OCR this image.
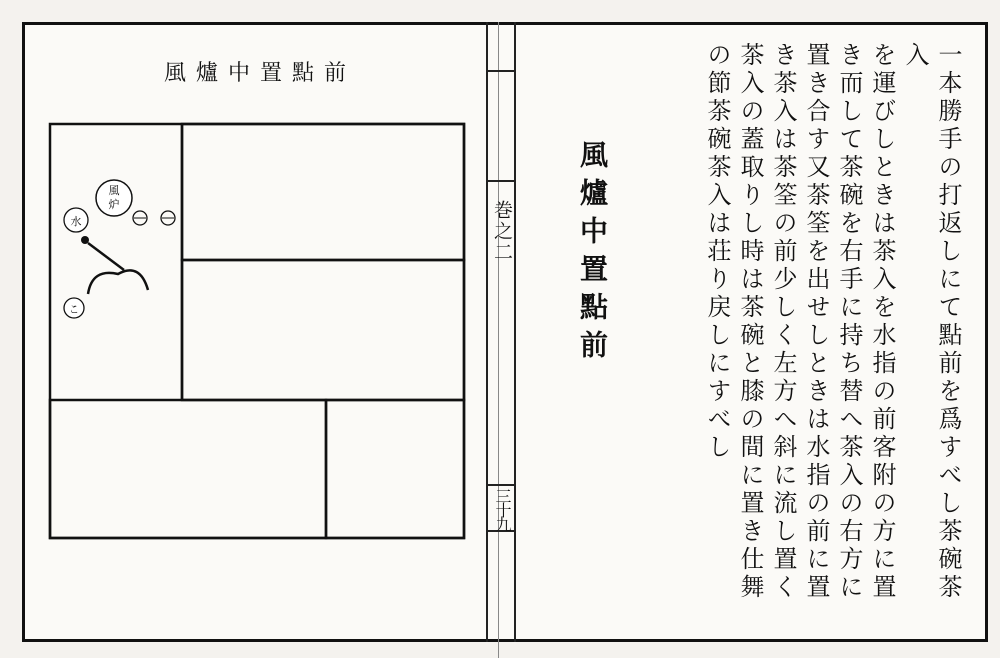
巻之二
三十九
風爐中置點前
風
炉
水
こ	風爐中置點前	一本勝手の打返しにて點前を爲すべし茶碗茶入
を運びしときは茶入を水指の前客附の方に置
き而して茶碗を右手に持ち替へ茶入の右方に
置き合す又茶筌を出せしときは水指の前に置
き茶入は茶筌の前少しく左方へ斜に流し置く
茶入の蓋取りし時は茶碗と膝の間に置き仕舞
の節茶碗茶入は荘り戻しにすべし
